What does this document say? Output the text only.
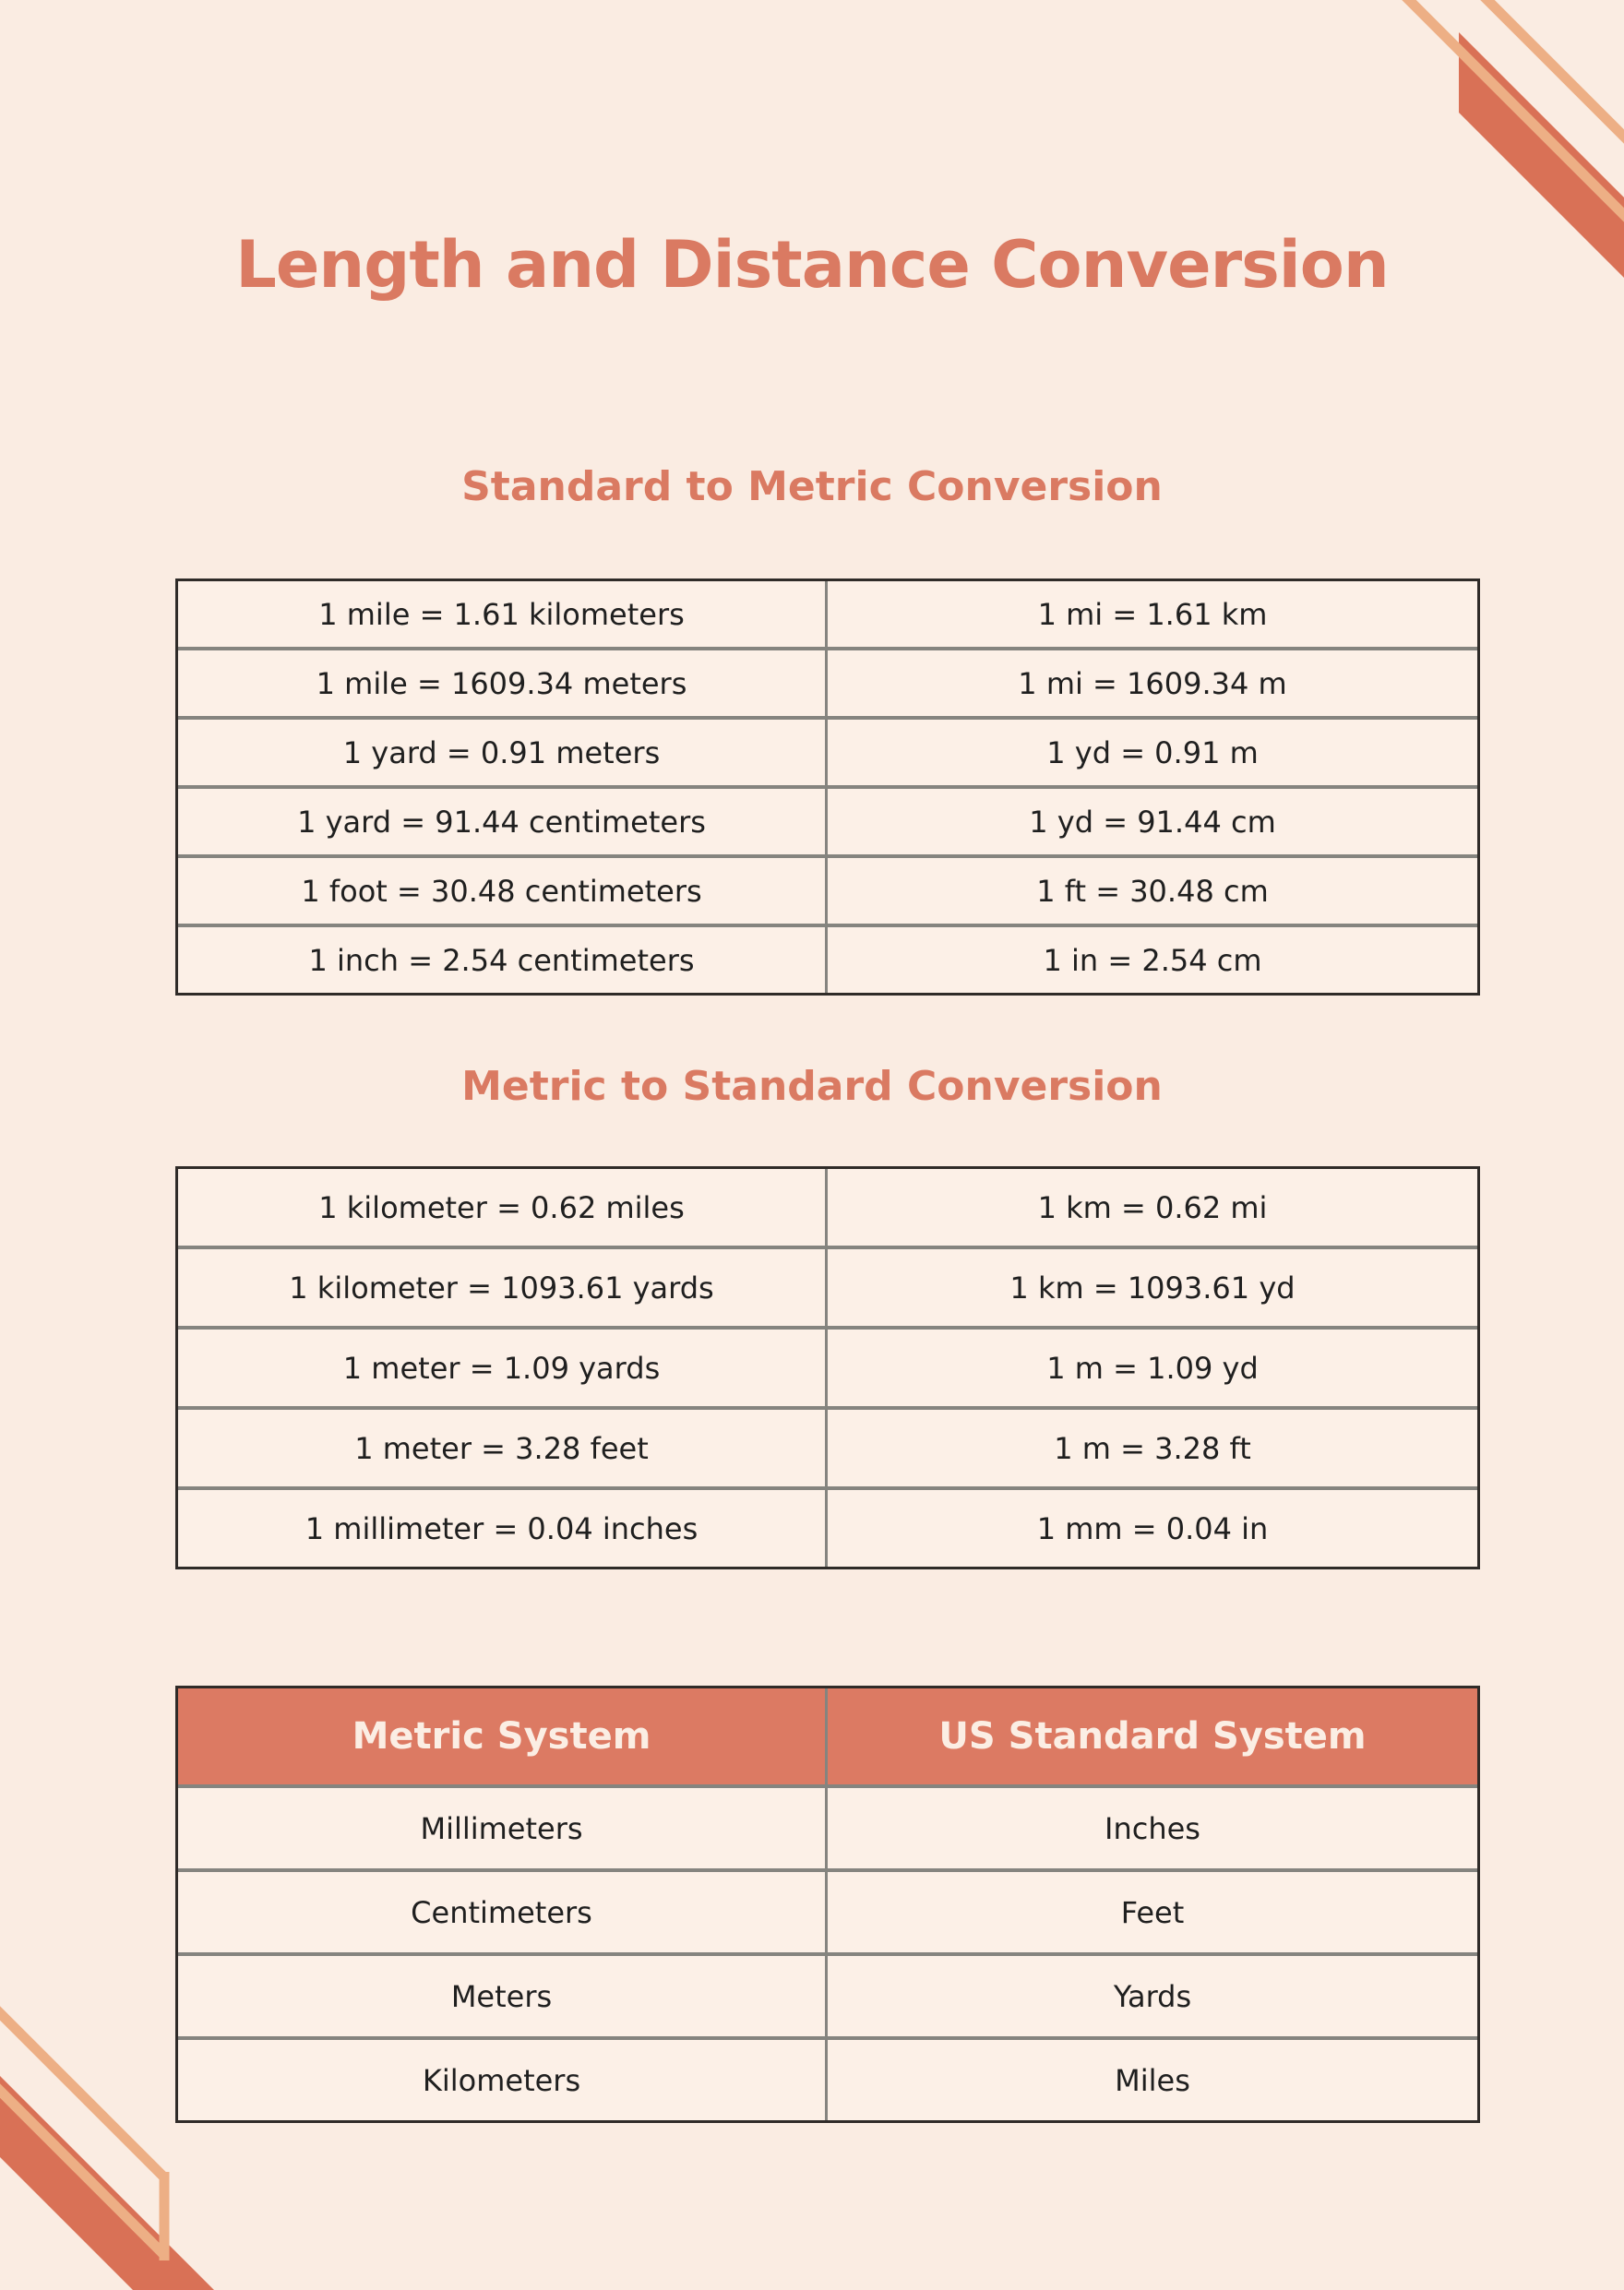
Length and Distance Conversion
Standard to Metric Conversion
1 mile = 1.61 kilometers	1 mi = 1.61 km
1 mile = 1609.34 meters	1 mi = 1609.34 m
1 yard = 0.91 meters	1 yd = 0.91 m
1 yard = 91.44 centimeters	1 yd = 91.44 cm
1 foot = 30.48 centimeters	1 ft = 30.48 cm
1 inch = 2.54 centimeters	1 in = 2.54 cm
Metric to Standard Conversion
1 kilometer = 0.62 miles	1 km = 0.62 mi
1 kilometer = 1093.61 yards	1 km = 1093.61 yd
1 meter = 1.09 yards	1 m = 1.09 yd
1 meter = 3.28 feet	1 m = 3.28 ft
1 millimeter = 0.04 inches	1 mm = 0.04 in
Metric System	US Standard System
Millimeters	Inches
Centimeters	Feet
Meters	Yards
Kilometers	Miles
